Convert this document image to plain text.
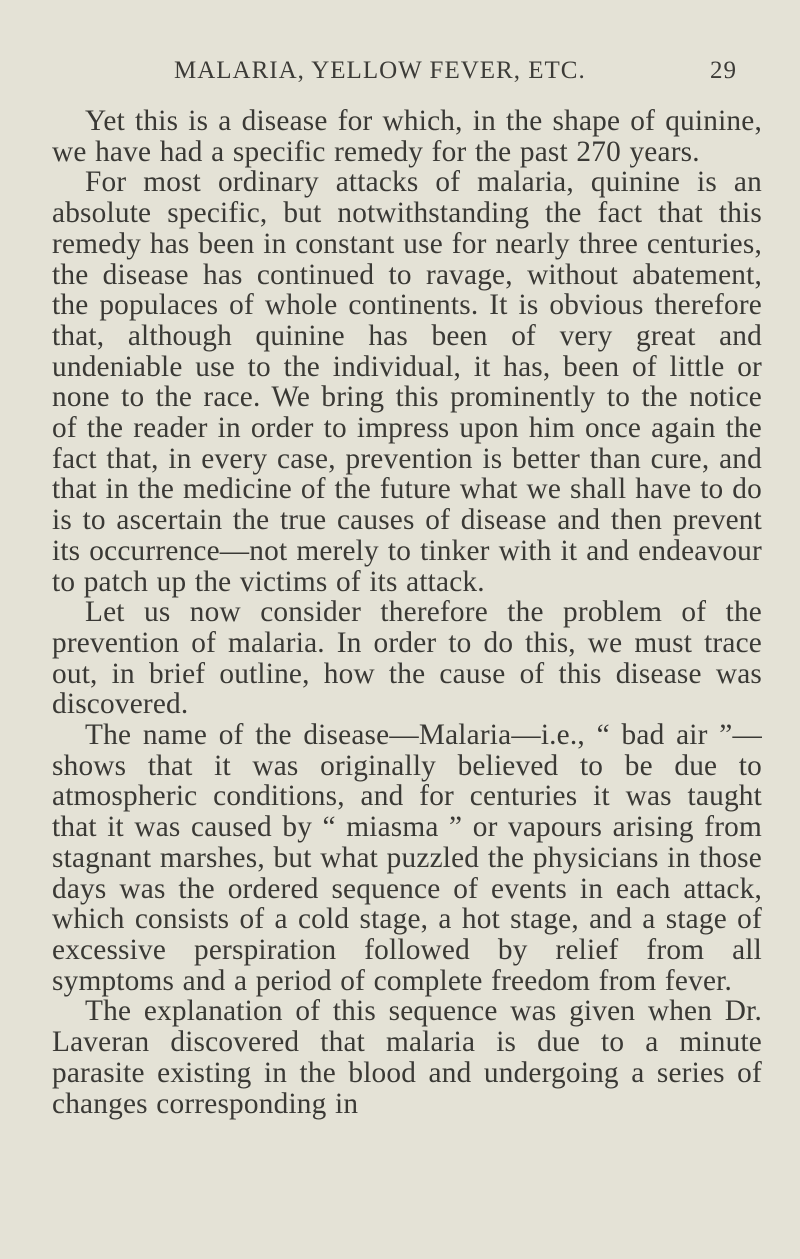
MALARIA, YELLOW FEVER, ETC.	29

Yet this is a disease for which, in the shape of quinine, we have had a specific remedy for the past 270 years.

For most ordinary attacks of malaria, quinine is an absolute specific, but notwithstanding the fact that this remedy has been in constant use for nearly three centuries, the disease has continued to ravage, without abatement, the populaces of whole continents. It is obvious therefore that, although quinine has been of very great and undeniable use to the individual, it has, been of little or none to the race. We bring this prominently to the notice of the reader in order to impress upon him once again the fact that, in every case, prevention is better than cure, and that in the medicine of the future what we shall have to do is to ascertain the true causes of disease and then prevent its occurrence—not merely to tinker with it and endeavour to patch up the victims of its attack.

Let us now consider therefore the problem of the prevention of malaria. In order to do this, we must trace out, in brief outline, how the cause of this disease was discovered.

The name of the disease—Malaria—i.e., “ bad air ”—shows that it was originally believed to be due to atmospheric conditions, and for centuries it was taught that it was caused by “ miasma ” or vapours arising from stagnant marshes, but what puzzled the physicians in those days was the ordered sequence of events in each attack, which consists of a cold stage, a hot stage, and a stage of excessive perspiration followed by relief from all symptoms and a period of complete freedom from fever.

The explanation of this sequence was given when Dr. Laveran discovered that malaria is due to a minute parasite existing in the blood and undergoing a series of changes corresponding in
